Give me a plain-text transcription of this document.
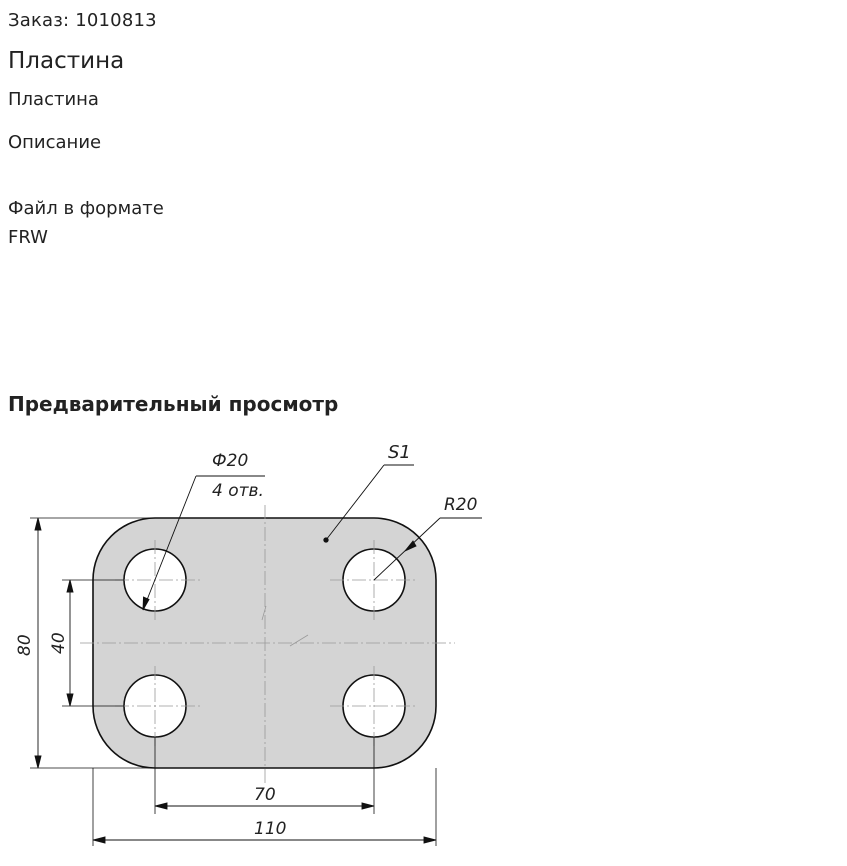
Заказ: 1010813
Пластина
Пластина
Описание
Файл в формате FRW
Предварительный просмотр
Ф20
4 отв.
S1
R20
80 40
70
110
